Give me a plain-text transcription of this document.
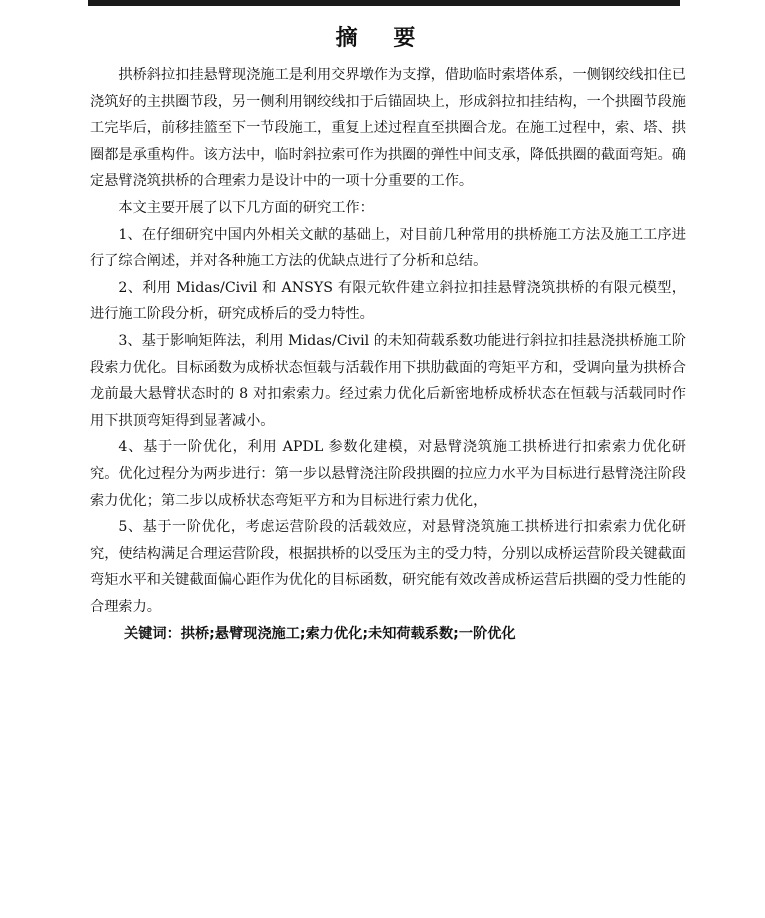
摘 要

拱桥斜拉扣挂悬臂现浇施工是利用交界墩作为支撑，借助临时索塔体系，一侧钢绞线扣住已浇筑好的主拱圈节段，另一侧利用钢绞线扣于后锚固块上，形成斜拉扣挂结构，一个拱圈节段施工完毕后，前移挂篮至下一节段施工，重复上述过程直至拱圈合龙。在施工过程中，索、塔、拱圈都是承重构件。该方法中，临时斜拉索可作为拱圈的弹性中间支承，降低拱圈的截面弯矩。确定悬臂浇筑拱桥的合理索力是设计中的一项十分重要的工作。

本文主要开展了以下几方面的研究工作：

1、在仔细研究中国内外相关文献的基础上，对目前几种常用的拱桥施工方法及施工工序进行了综合阐述，并对各种施工方法的优缺点进行了分析和总结。

2、利用 Midas/Civil 和 ANSYS 有限元软件建立斜拉扣挂悬臂浇筑拱桥的有限元模型，进行施工阶段分析，研究成桥后的受力特性。

3、基于影响矩阵法，利用 Midas/Civil 的未知荷载系数功能进行斜拉扣挂悬浇拱桥施工阶段索力优化。目标函数为成桥状态恒载与活载作用下拱肋截面的弯矩平方和，受调向量为拱桥合龙前最大悬臂状态时的 8 对扣索索力。经过索力优化后新密地桥成桥状态在恒载与活载同时作用下拱顶弯矩得到显著减小。

4、基于一阶优化，利用 APDL 参数化建模，对悬臂浇筑施工拱桥进行扣索索力优化研究。优化过程分为两步进行：第一步以悬臂浇注阶段拱圈的拉应力水平为目标进行悬臂浇注阶段索力优化；第二步以成桥状态弯矩平方和为目标进行索力优化，

5、基于一阶优化，考虑运营阶段的活载效应，对悬臂浇筑施工拱桥进行扣索索力优化研究，使结构满足合理运营阶段，根据拱桥的以受压为主的受力特，分别以成桥运营阶段关键截面弯矩水平和关键截面偏心距作为优化的目标函数，研究能有效改善成桥运营后拱圈的受力性能的合理索力。

关键词：拱桥;悬臂现浇施工;索力优化;未知荷载系数;一阶优化
